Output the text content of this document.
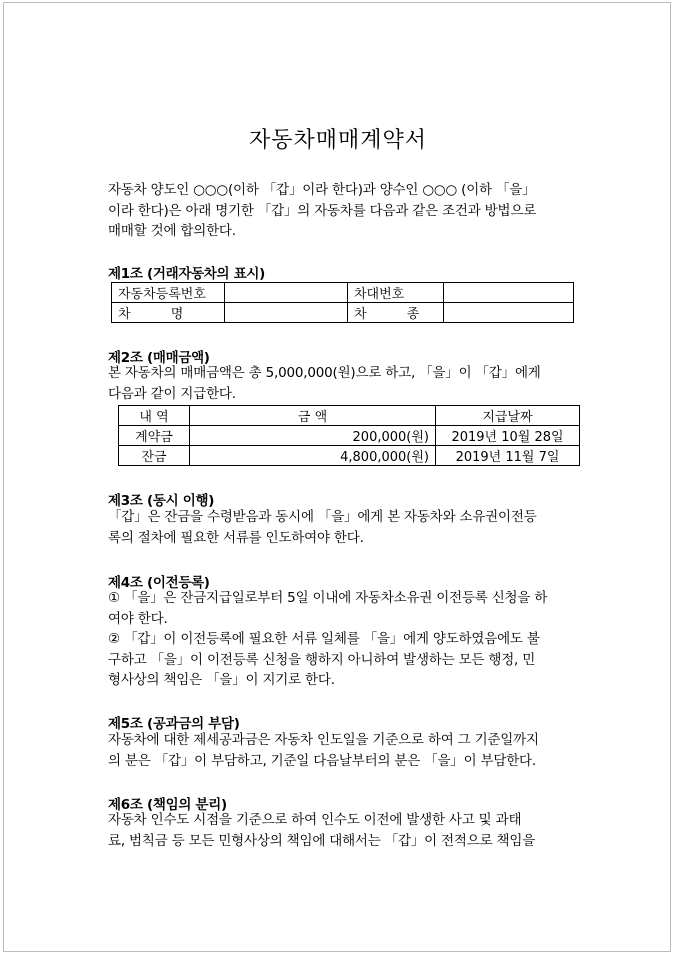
자동차매매계약서
자동차 양도인 ○○○(이하 「갑」이라 한다)과 양수인 ○○○ (이하 「을」
이라 한다)은 아래 명기한 「갑」의 자동차를 다음과 같은 조건과 방법으로
매매할 것에 합의한다.
제1조 (거래자동차의 표시)
자동차등록번호		차대번호	
차 명		차 종	
제2조 (매매금액)
본 자동차의 매매금액은 총 5,000,000(원)으로 하고, 「을」이 「갑」에게
다음과 같이 지급한다.
내 역	금 액	지급날짜
계약금	200,000(원)	2019년 10월 28일
잔금	4,800,000(원)	2019년 11월 7일
제3조 (동시 이행)
「갑」은 잔금을 수령받음과 동시에 「을」에게 본 자동차와 소유권이전등
록의 절차에 필요한 서류를 인도하여야 한다.
제4조 (이전등록)
① 「을」은 잔금지급일로부터 5일 이내에 자동차소유권 이전등록 신청을 하
여야 한다.
② 「갑」이 이전등록에 필요한 서류 일체를 「을」에게 양도하였음에도 불
구하고 「을」이 이전등록 신청을 행하지 아니하여 발생하는 모든 행정, 민
형사상의 책임은 「을」이 지기로 한다.
제5조 (공과금의 부담)
자동차에 대한 제세공과금은 자동차 인도일을 기준으로 하여 그 기준일까지
의 분은 「갑」이 부담하고, 기준일 다음날부터의 분은 「을」이 부담한다.
제6조 (책임의 분리)
자동차 인수도 시점을 기준으로 하여 인수도 이전에 발생한 사고 및 과태
료, 범칙금 등 모든 민형사상의 책임에 대해서는 「갑」이 전적으로 책임을
